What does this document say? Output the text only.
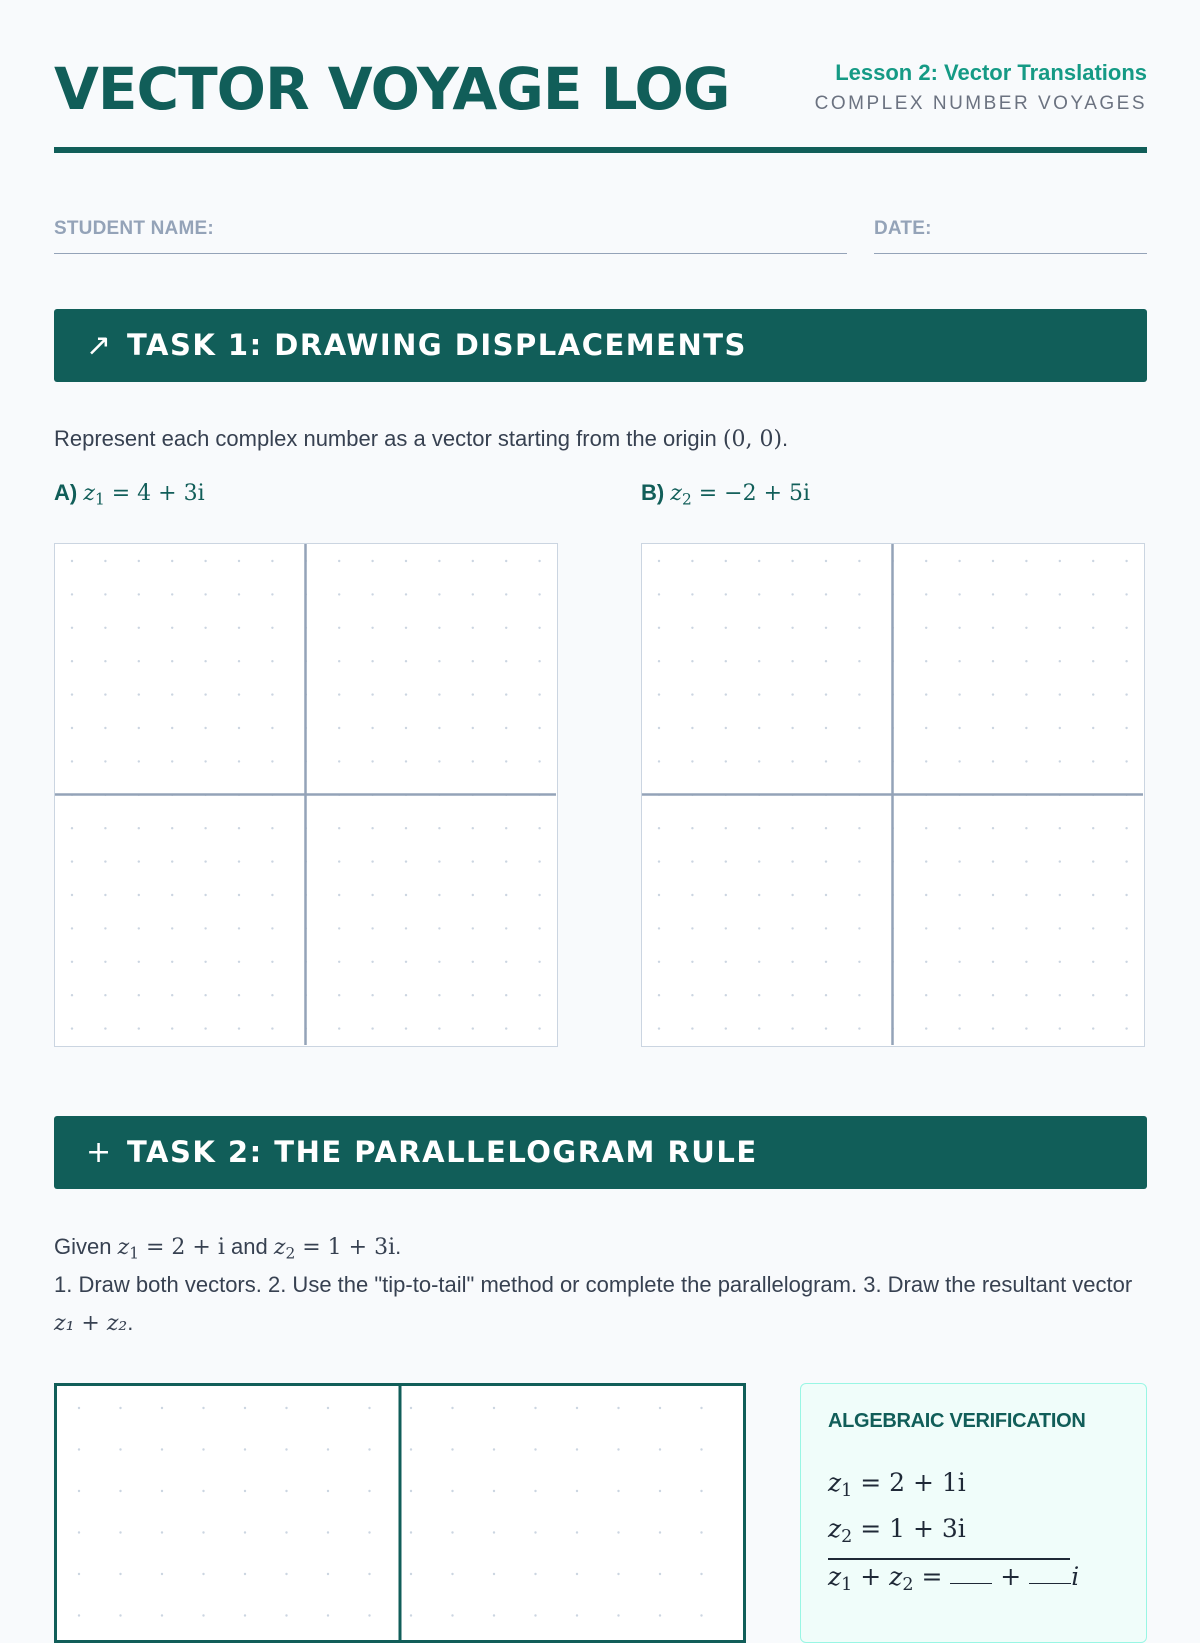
VECTOR VOYAGE LOG	Lesson 2: Vector Translations
COMPLEX NUMBER VOYAGES
STUDENT NAME:	DATE:
↗ TASK 1: DRAWING DISPLACEMENTS
Represent each complex number as a vector starting from the origin (0, 0).
A) $z_1 = 4 + 3i$	B) $z_2 = -2 + 5i$
+ TASK 2: THE PARALLELOGRAM RULE
Given $z_1 = 2 + i$ and $z_2 = 1 + 3i$.
1. Draw both vectors. 2. Use the "tip-to-tail" method or complete the parallelogram. 3. Draw the resultant vector z₁ + z₂.
ALGEBRAIC VERIFICATION
$z_1 = 2 + 1i$
$z_2 = 1 + 3i$
$z_1 + z_2$ = + i
